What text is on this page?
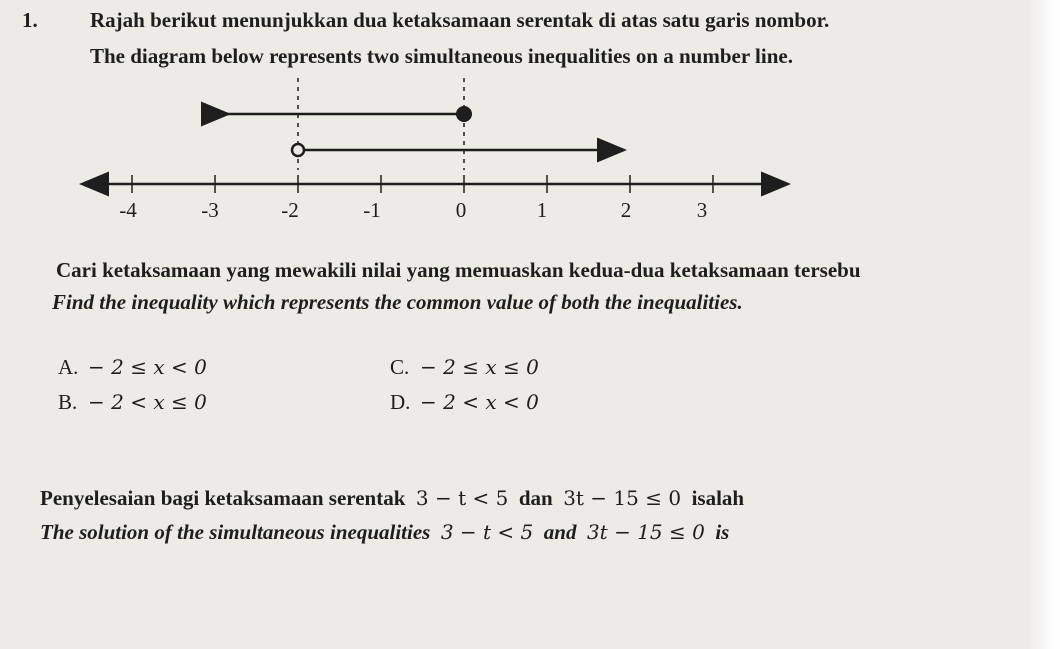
1. Rajah berikut menunjukkan dua ketaksamaan serentak di atas satu garis nombor.
The diagram below represents two simultaneous inequalities on a number line.
-4	-3	-2	-1	0	1	2	3
Cari ketaksamaan yang mewakili nilai yang memuaskan kedua-dua ketaksamaan tersebu
Find the inequality which represents the common value of both the inequalities.
A. − 2 ≤ x < 0
B. − 2 < x ≤ 0
C. − 2 ≤ x ≤ 0
D. − 2 < x < 0
Penyelesaian bagi ketaksamaan serentak 3 − t < 5 dan 3t − 15 ≤ 0 isalah
The solution of the simultaneous inequalities 3 − t < 5 and 3t − 15 ≤ 0 is
